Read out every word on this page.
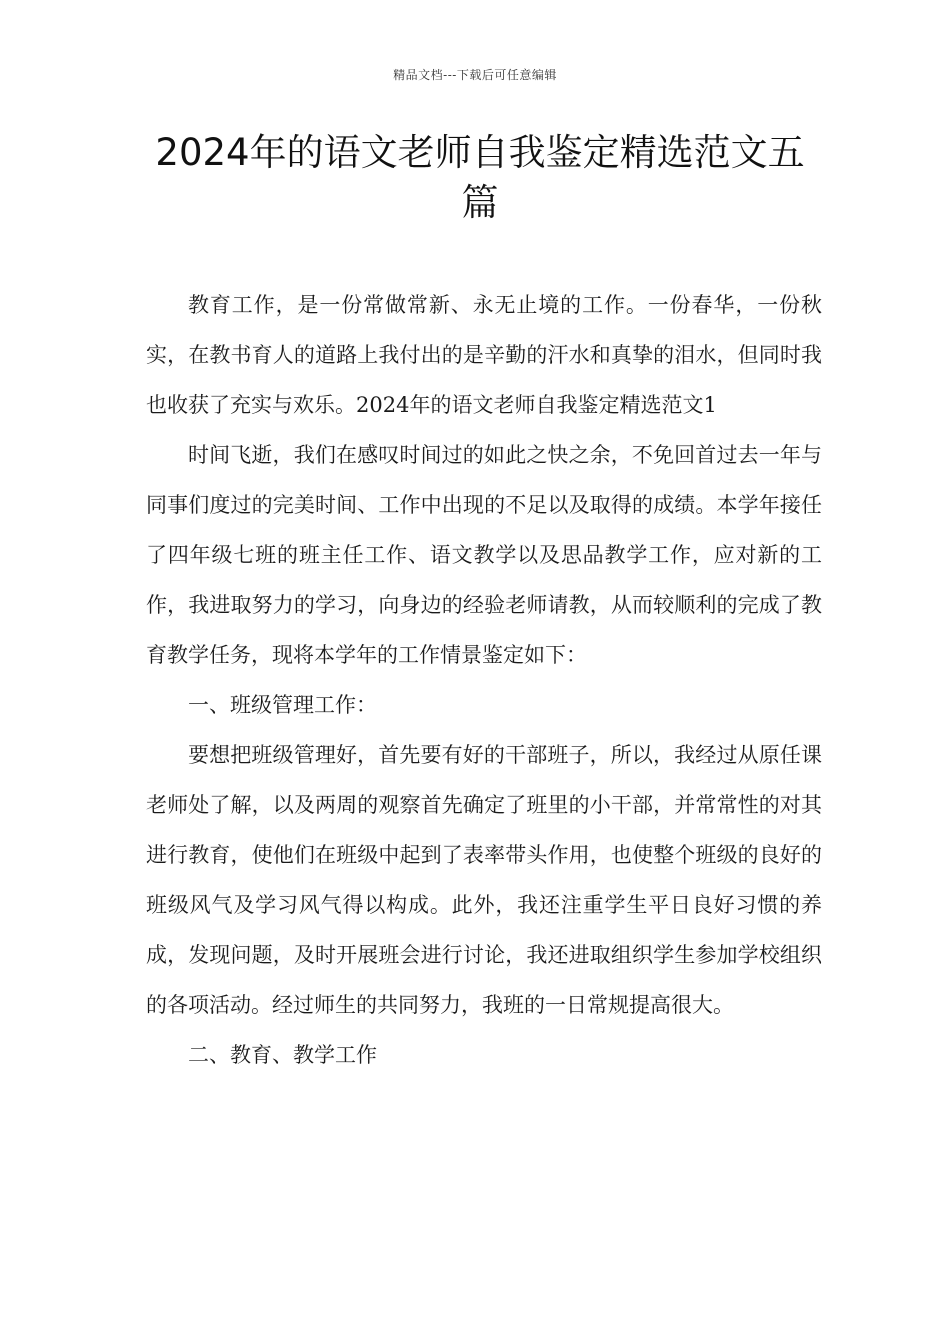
精品文档---下载后可任意编辑
2024年的语文老师自我鉴定精选范文五篇

教育工作，是一份常做常新、永无止境的工作。一份春华，一份秋实，在教书育人的道路上我付出的是辛勤的汗水和真挚的泪水，但同时我也收获了充实与欢乐。2024年的语文老师自我鉴定精选范文1

时间飞逝，我们在感叹时间过的如此之快之余，不免回首过去一年与同事们度过的完美时间、工作中出现的不足以及取得的成绩。本学年接任了四年级七班的班主任工作、语文教学以及思品教学工作，应对新的工作，我进取努力的学习，向身边的经验老师请教，从而较顺利的完成了教育教学任务，现将本学年的工作情景鉴定如下：

一、班级管理工作：

要想把班级管理好，首先要有好的干部班子，所以，我经过从原任课老师处了解，以及两周的观察首先确定了班里的小干部，并常常性的对其进行教育，使他们在班级中起到了表率带头作用，也使整个班级的良好的班级风气及学习风气得以构成。此外，我还注重学生平日良好习惯的养成，发现问题，及时开展班会进行讨论，我还进取组织学生参加学校组织的各项活动。经过师生的共同努力，我班的一日常规提高很大。

二、教育、教学工作
